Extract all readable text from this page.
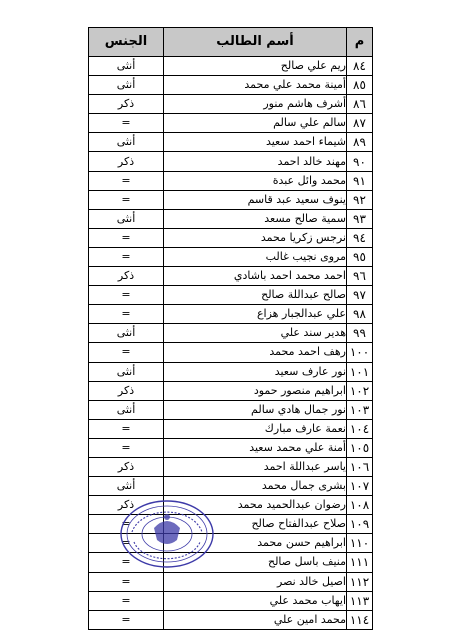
م	أسم الطالب	الجنس
٨٤	ريم علي صالح	أنثى
٨٥	أمينة محمد علي محمد	أنثى
٨٦	أشرف هاشم منور	ذكر
٨٧	سالم علي سالم	=
٨٩	شيماء احمد سعيد	أنثى
٩٠	مهند خالد احمد	ذكر
٩١	محمد وائل عبدة	=
٩٢	ينوف سعيد عبد قاسم	=
٩٣	سمية صالح مسعد	أنثى
٩٤	نرجس زكريا محمد	=
٩٥	مروى نجيب غالب	=
٩٦	احمد محمد احمد باشادي	ذكر
٩٧	صالح عبداللة صالح	=
٩٨	علي عبدالجبار هزاع	=
٩٩	هدير سند علي	أنثى
١٠٠	رهف احمد محمد	=
١٠١	نور عارف سعيد	أنثى
١٠٢	ابراهيم منصور حمود	ذكر
١٠٣	نور جمال هادي سالم	أنثى
١٠٤	نعمة عارف مبارك	=
١٠٥	أمنة علي محمد سعيد	=
١٠٦	ياسر عبداللة احمد	ذكر
١٠٧	بشرى جمال محمد	أنثى
١٠٨	رضوان عبدالحميد محمد	ذكر
١٠٩	صلاح عبدالفتاح صالح	=
١١٠	ابراهيم حسن محمد	=
١١١	منيف باسل صالح	=
١١٢	اصيل خالد نصر	=
١١٣	ايهاب محمد علي	=
١١٤	محمد امين علي	=
